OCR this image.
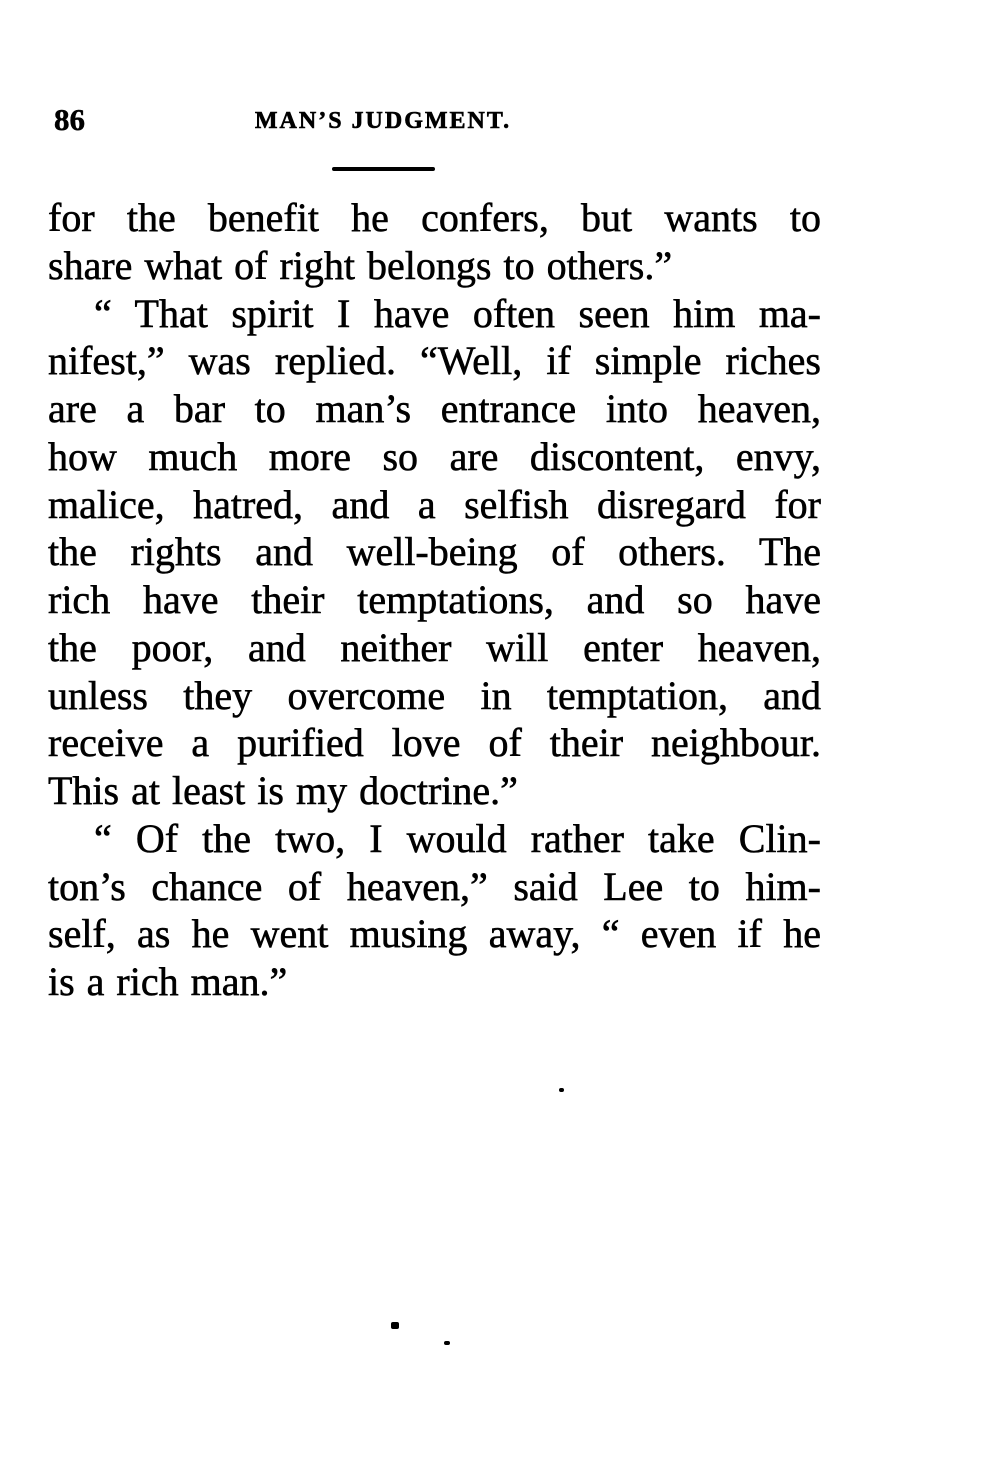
86	MAN’S JUDGMENT.
for the benefit he confers, but wants to
share what of right belongs to others.”
“ That spirit I have often seen him ma-
nifest,” was replied. “Well, if simple riches
are a bar to man’s entrance into heaven,
how much more so are discontent, envy,
malice, hatred, and a selfish disregard for
the rights and well-being of others. The
rich have their temptations, and so have
the poor, and neither will enter heaven,
unless they overcome in temptation, and
receive a purified love of their neighbour.
This at least is my doctrine.”
“ Of the two, I would rather take Clin-
ton’s chance of heaven,” said Lee to him-
self, as he went musing away, “ even if he
is a rich man.”
